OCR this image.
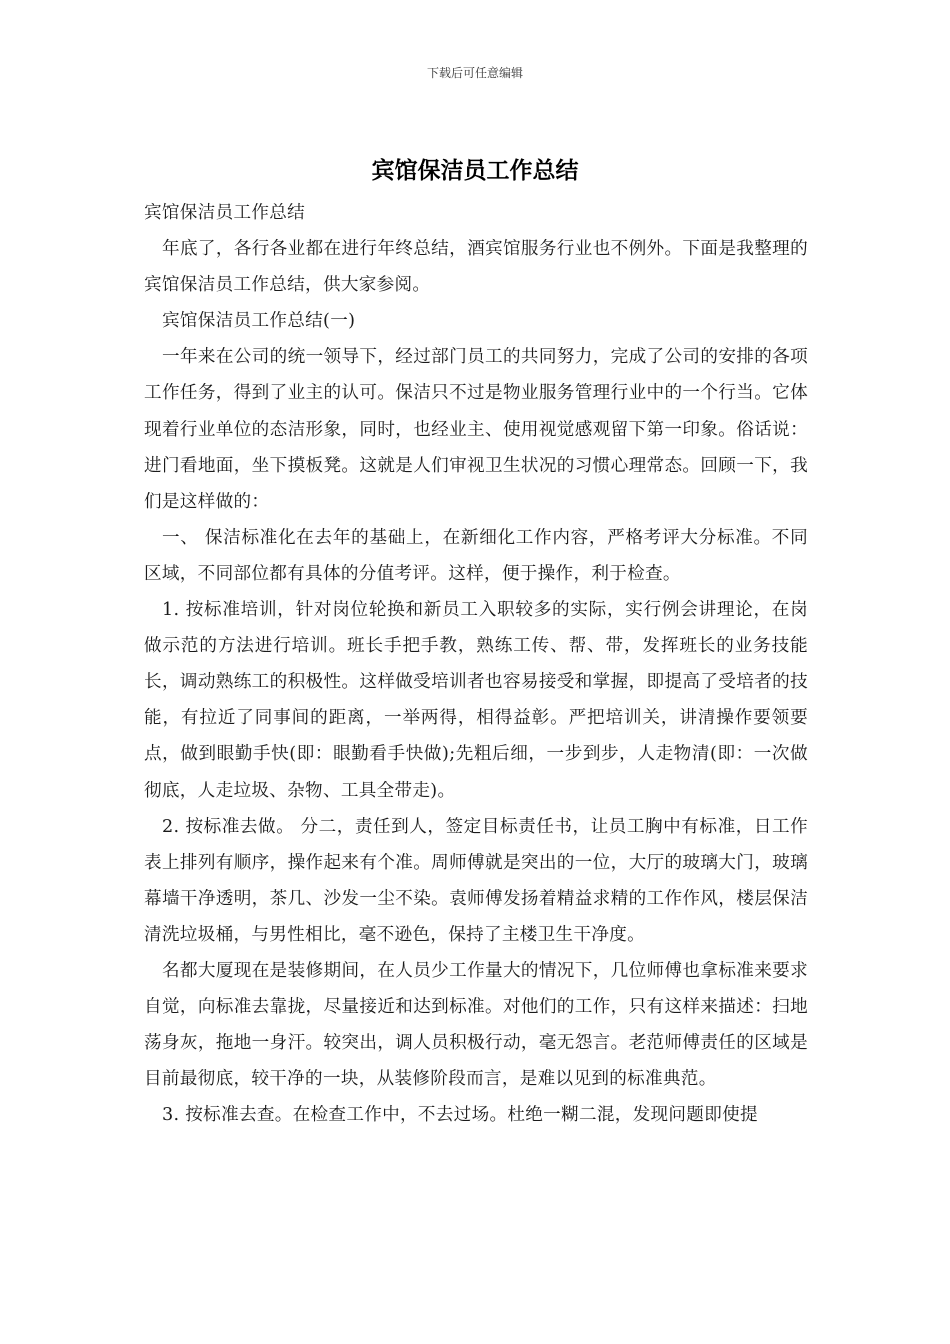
下载后可任意编辑
宾馆保洁员工作总结

宾馆保洁员工作总结

年底了，各行各业都在进行年终总结，酒宾馆服务行业也不例外。下面是我整理的宾馆保洁员工作总结，供大家参阅。

宾馆保洁员工作总结(一)

一年来在公司的统一领导下，经过部门员工的共同努力，完成了公司的安排的各项工作任务，得到了业主的认可。保洁只不过是物业服务管理行业中的一个行当。它体现着行业单位的态洁形象，同时，也经业主、使用视觉感观留下第一印象。俗话说：进门看地面，坐下摸板凳。这就是人们审视卫生状况的习惯心理常态。回顾一下，我们是这样做的：

一、 保洁标准化在去年的基础上，在新细化工作内容，严格考评大分标准。不同区域，不同部位都有具体的分值考评。这样，便于操作，利于检查。

1. 按标准培训，针对岗位轮换和新员工入职较多的实际，实行例会讲理论，在岗做示范的方法进行培训。班长手把手教，熟练工传、帮、带，发挥班长的业务技能长，调动熟练工的积极性。这样做受培训者也容易接受和掌握，即提高了受培者的技能，有拉近了同事间的距离，一举两得，相得益彰。严把培训关，讲清操作要领要点，做到眼勤手快(即：眼勤看手快做);先粗后细，一步到步，人走物清(即：一次做彻底，人走垃圾、杂物、工具全带走)。

2. 按标准去做。 分二，责任到人，签定目标责任书，让员工胸中有标准，日工作表上排列有顺序，操作起来有个准。周师傅就是突出的一位，大厅的玻璃大门，玻璃幕墙干净透明，茶几、沙发一尘不染。袁师傅发扬着精益求精的工作作风，楼层保洁清洗垃圾桶，与男性相比，毫不逊色，保持了主楼卫生干净度。

名都大厦现在是装修期间，在人员少工作量大的情况下，几位师傅也拿标准来要求自觉，向标准去靠拢，尽量接近和达到标准。对他们的工作，只有这样来描述：扫地荡身灰，拖地一身汗。较突出，调人员积极行动，毫无怨言。老范师傅责任的区域是目前最彻底，较干净的一块，从装修阶段而言，是难以见到的标准典范。

3. 按标准去查。在检查工作中，不去过场。杜绝一糊二混，发现问题即使提
